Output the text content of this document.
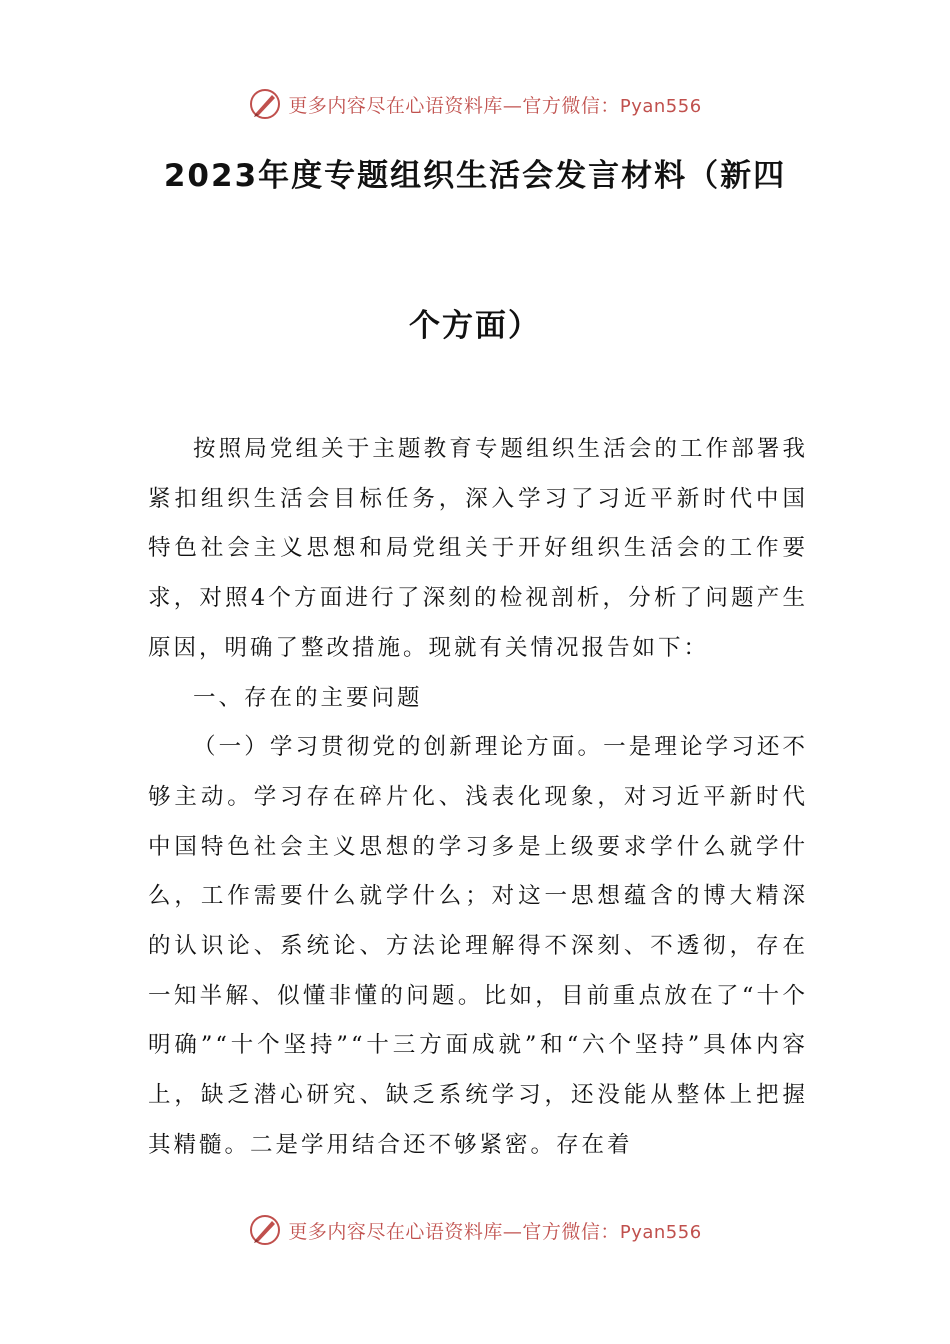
更多内容尽在心语资料库—官方微信：Pyan556
2023年度专题组织生活会发言材料（新四
个方面）

按照局党组关于主题教育专题组织生活会的工作部署我紧扣组织生活会目标任务，深入学习了习近平新时代中国特色社会主义思想和局党组关于开好组织生活会的工作要求，对照4个方面进行了深刻的检视剖析，分析了问题产生原因，明确了整改措施。现就有关情况报告如下：

一、存在的主要问题

（一）学习贯彻党的创新理论方面。一是理论学习还不够主动。学习存在碎片化、浅表化现象，对习近平新时代中国特色社会主义思想的学习多是上级要求学什么就学什么，工作需要什么就学什么；对这一思想蕴含的博大精深的认识论、系统论、方法论理解得不深刻、不透彻，存在一知半解、似懂非懂的问题。比如，目前重点放在了“十个明确”“十个坚持”“十三方面成就”和“六个坚持”具体内容上，缺乏潜心研究、缺乏系统学习，还没能从整体上把握其精髓。二是学用结合还不够紧密。存在着

更多内容尽在心语资料库—官方微信：Pyan556
